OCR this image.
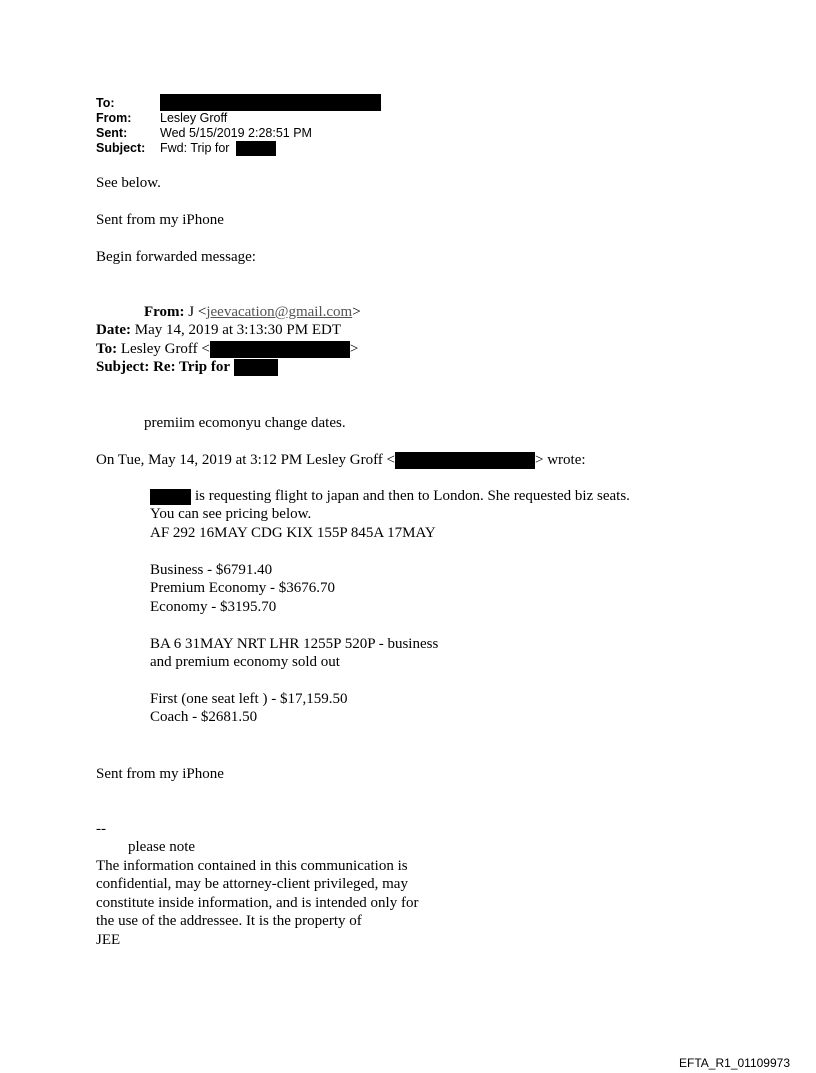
To:
From: Lesley Groff
Sent:	Wed 5/15/2019 2:28:51 PM
Subject: Fwd: Trip for
See below.
Sent from my iPhone
Begin forwarded message:
From: J <jeevacation@gmail.com>
Date: May 14, 2019 at 3:13:30 PM EDT
To: Lesley Groff <	>
Subject: Re: Trip for
premiim ecomonyu change dates.
On Tue, May 14, 2019 at 3:12 PM Lesley Groff <	> wrote:
is requesting flight to japan and then to London. She requested biz seats.
You can see pricing below.
AF 292 16MAY CDG KIX 155P 845A 17MAY
Business - $6791.40
Premium Economy - $3676.70
Economy - $3195.70
BA 6 31MAY NRT LHR 1255P 520P - business
and premium economy sold out
First (one seat left ) - $17,159.50
Coach - $2681.50
Sent from my iPhone
--
please note
The information contained in this communication is
confidential, may be attorney-client privileged, may
constitute inside information, and is intended only for
the use of the addressee. It is the property of
JEE
EFTA_R1_01109973
